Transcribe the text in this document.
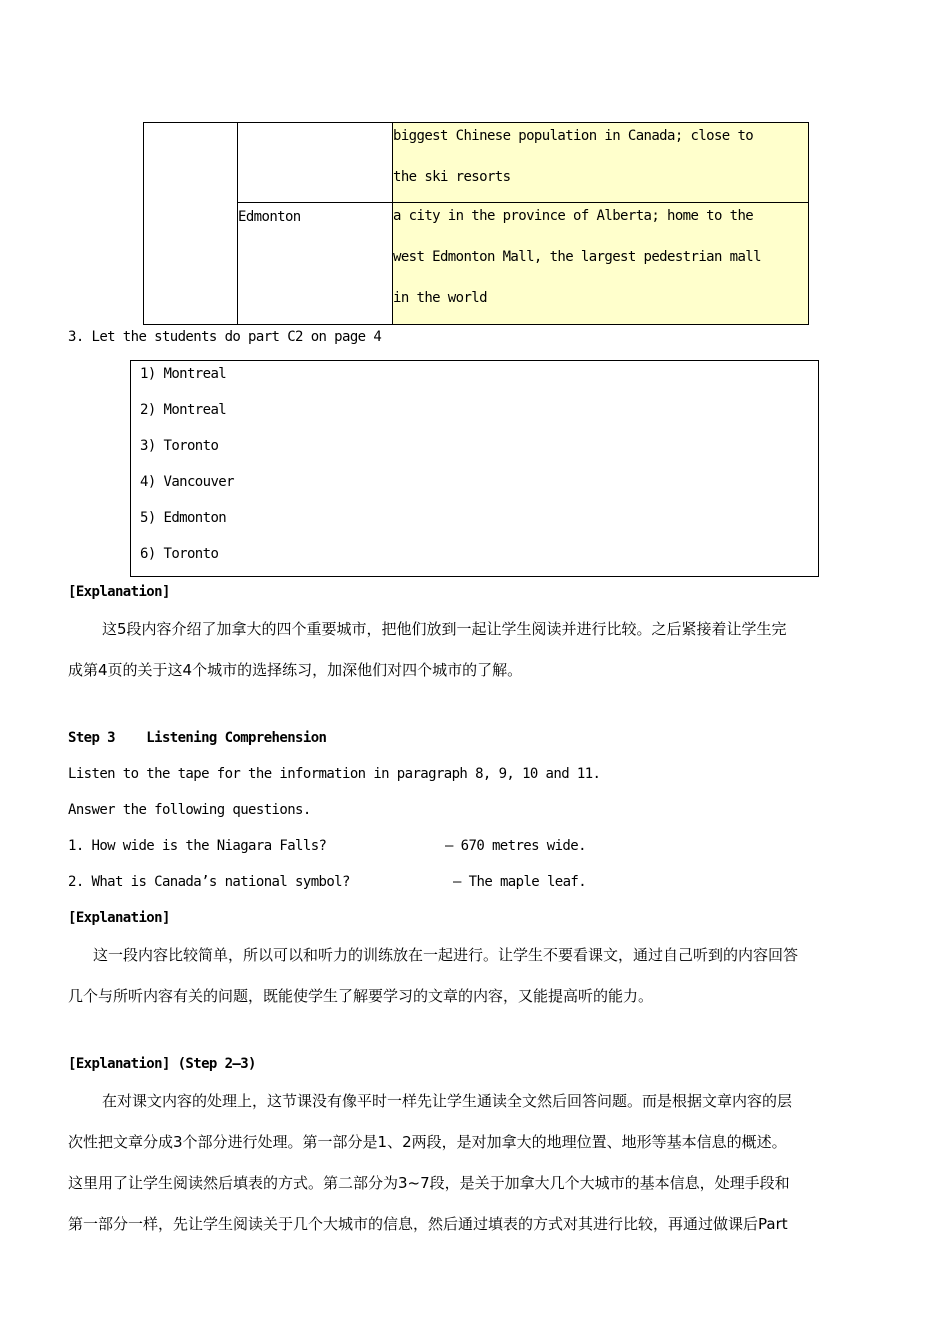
		biggest Chinese population in Canada; close to
the ski resorts

	Edmonton	a city in the province of Alberta; home to the
west Edmonton Mall, the largest pedestrian mall
in the world
3. Let the students do part C2 on page 4
1) Montreal
2) Montreal
3) Toronto
4) Vancouver
5) Edmonton
6) Toronto
[Explanation]
这5段内容介绍了加拿大的四个重要城市，把他们放到一起让学生阅读并进行比较。之后紧接着让学生完
成第4页的关于这4个城市的选择练习，加深他们对四个城市的了解。
Step 3    Listening Comprehension
Listen to the tape for the information in paragraph 8, 9, 10 and 11.
Answer the following questions.
1. How wide is the Niagara Falls?	— 670 metres wide.
2. What is Canada’s national symbol?	— The maple leaf.
[Explanation]
这一段内容比较简单，所以可以和听力的训练放在一起进行。让学生不要看课文，通过自己听到的内容回答
几个与所听内容有关的问题，既能使学生了解要学习的文章的内容，又能提高听的能力。
[Explanation] (Step 2—3)
在对课文内容的处理上，这节课没有像平时一样先让学生通读全文然后回答问题。而是根据文章内容的层
次性把文章分成3个部分进行处理。第一部分是1、2两段，是对加拿大的地理位置、地形等基本信息的概述。
这里用了让学生阅读然后填表的方式。第二部分为3~7段，是关于加拿大几个大城市的基本信息，处理手段和
第一部分一样，先让学生阅读关于几个大城市的信息，然后通过填表的方式对其进行比较，再通过做课后Part
